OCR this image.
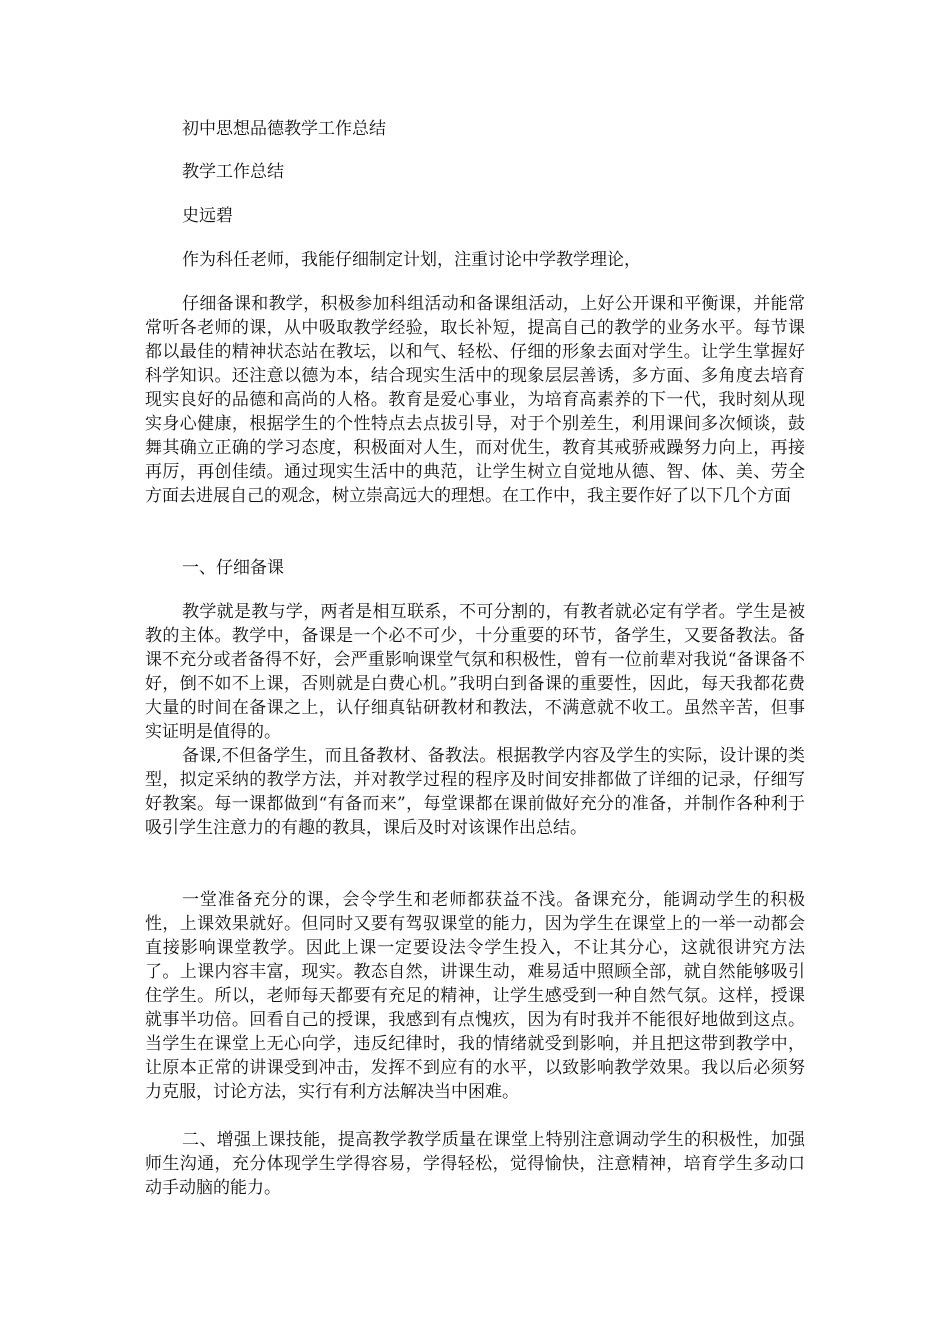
初中思想品德教学工作总结

教学工作总结

史远碧

作为科任老师，我能仔细制定计划，注重讨论中学教学理论，

仔细备课和教学，积极参加科组活动和备课组活动，上好公开课和平衡课，并能常常听各老师的课，从中吸取教学经验，取长补短，提高自己的教学的业务水平。每节课都以最佳的精神状态站在教坛，以和气、轻松、仔细的形象去面对学生。让学生掌握好科学知识。还注意以德为本，结合现实生活中的现象层层善诱，多方面、多角度去培育现实良好的品德和高尚的人格。教育是爱心事业，为培育高素养的下一代，我时刻从现实身心健康，根据学生的个性特点去点拔引导，对于个别差生，利用课间多次倾谈，鼓舞其确立正确的学习态度，积极面对人生，而对优生，教育其戒骄戒躁努力向上，再接再厉，再创佳绩。通过现实生活中的典范，让学生树立自觉地从德、智、体、美、劳全方面去进展自己的观念，树立崇高远大的理想。在工作中，我主要作好了以下几个方面

一、仔细备课

教学就是教与学，两者是相互联系，不可分割的，有教者就必定有学者。学生是被教的主体。教学中，备课是一个必不可少，十分重要的环节，备学生，又要备教法。备课不充分或者备得不好，会严重影响课堂气氛和积极性，曾有一位前辈对我说“备课备不好，倒不如不上课，否则就是白费心机。”我明白到备课的重要性，因此，每天我都花费大量的时间在备课之上，认仔细真钻研教材和教法，不满意就不收工。虽然辛苦，但事实证明是值得的。

备课,不但备学生，而且备教材、备教法。根据教学内容及学生的实际，设计课的类型，拟定采纳的教学方法，并对教学过程的程序及时间安排都做了详细的记录，仔细写好教案。每一课都做到“有备而来”，每堂课都在课前做好充分的准备，并制作各种利于吸引学生注意力的有趣的教具，课后及时对该课作出总结。

一堂准备充分的课，会令学生和老师都获益不浅。备课充分，能调动学生的积极性，上课效果就好。但同时又要有驾驭课堂的能力，因为学生在课堂上的一举一动都会直接影响课堂教学。因此上课一定要设法令学生投入，不让其分心，这就很讲究方法了。上课内容丰富，现实。教态自然，讲课生动，难易适中照顾全部，就自然能够吸引住学生。所以，老师每天都要有充足的精神，让学生感受到一种自然气氛。这样，授课就事半功倍。回看自己的授课，我感到有点愧疚，因为有时我并不能很好地做到这点。当学生在课堂上无心向学，违反纪律时，我的情绪就受到影响，并且把这带到教学中，让原本正常的讲课受到冲击，发挥不到应有的水平，以致影响教学效果。我以后必须努力克服，讨论方法，实行有利方法解决当中困难。

二、增强上课技能，提高教学教学质量在课堂上特别注意调动学生的积极性，加强师生沟通，充分体现学生学得容易，学得轻松，觉得愉快，注意精神，培育学生多动口动手动脑的能力。
